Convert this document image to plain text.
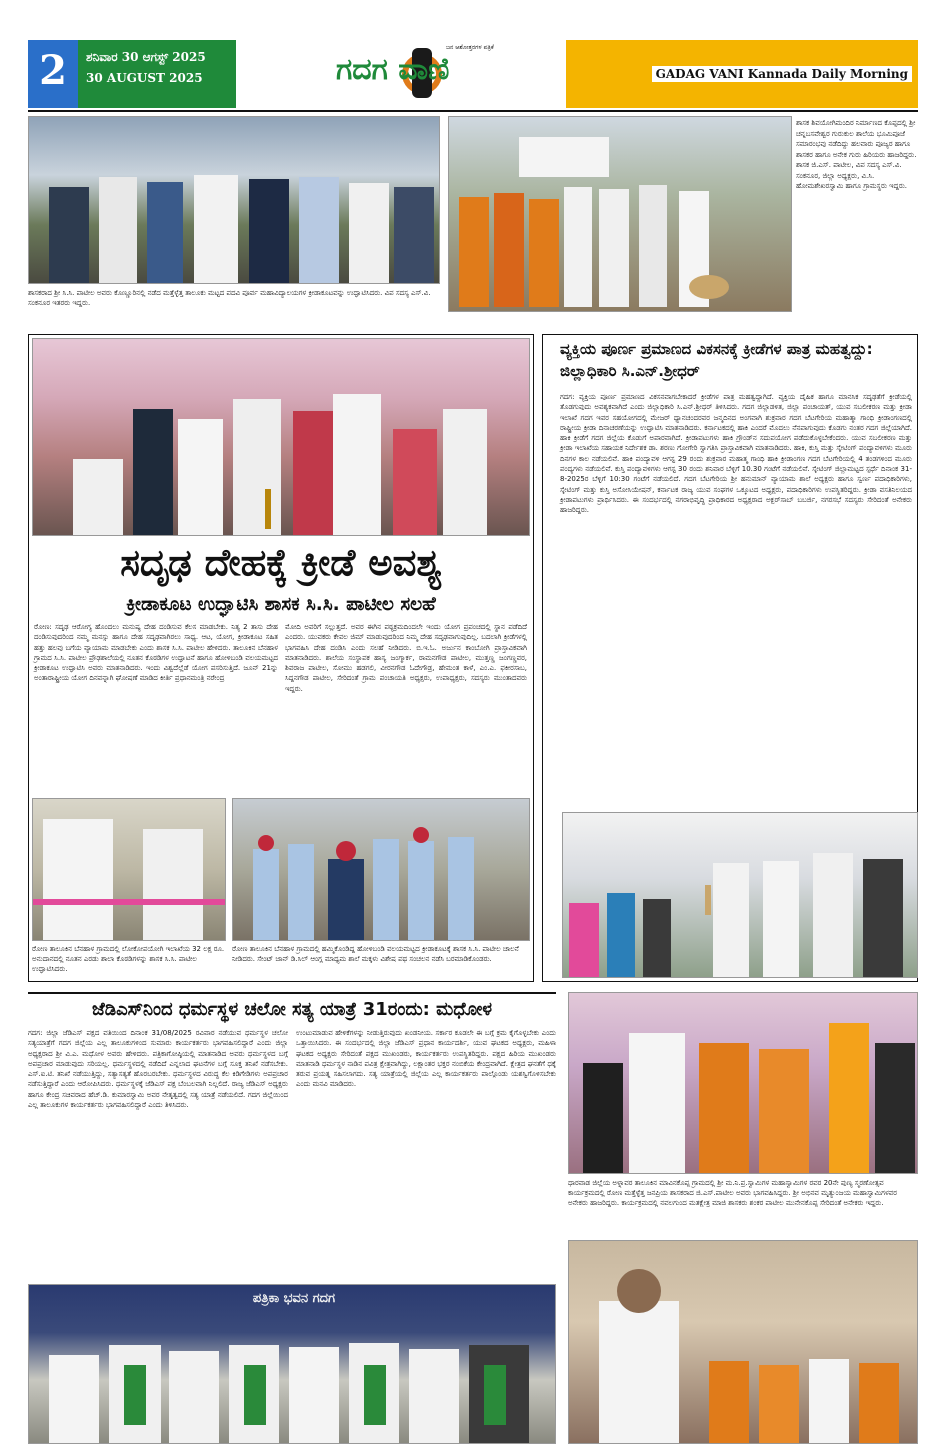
2	ಶನಿವಾರ 30 ಆಗಸ್ಟ್ 2025
30 AUGUST 2025	ಗದಗ ವಾಣಿ
ಜನ ಆಶೋತ್ತರಗಳ ಪತ್ರಿಕೆ
GADAG VANI Kannada Daily Morning
ಶಾಸಕರಾದ ಶ್ರೀ ಸಿ.ಸಿ. ಪಾಟೀಲ ಅವರು ಕೊಣ್ಣೂರಿನಲ್ಲಿ ನಡೆದ ಮತ್ತೆಳ್ಳೆತ್ತ ತಾಲೂಕು ಮಟ್ಟದ ಪದವಿ ಪೂರ್ವ ಮಹಾವಿದ್ಯಾಲಯಗಳ ಕ್ರೀಡಾಕೂಟವನ್ನು ಉದ್ಘಾಟಿಸಿದರು. ವಿಪ ಸದಸ್ಯ ಎಸ್.ವಿ. ಸಂಕನೂರ ಇತರರು ಇದ್ದರು.
ಶಾಸಕ ಶಿವಯೋಗಿಮಂದಿರ ನಿರ್ಮಾಣದ ಕೊಪ್ಪದಲ್ಲಿ ಶ್ರೀ ಚನ್ನಬಸವೇಶ್ವರ ಗುರುಕುಲ ಶಾಲೆಯ ಭೂಮಿಪೂಜೆ ಸಮಾರಂಭವು ನಡೆದಿದ್ದು ಹಲವಾರು ಪೂಜ್ಯರ ಹಾಗೂ ಶಾಸಕರ ಹಾಗೂ ಅನೇಕ ಗುರು ಹಿರಿಯರು ಹಾಜರಿದ್ದರು. ಶಾಸಕ ಜಿ.ಎಸ್. ಪಾಟೀಲ, ವಿಪ ಸದಸ್ಯ ಎಸ್.ವಿ. ಸಂಕನೂರ, ಜಿಲ್ಲಾ ಅಧ್ಯಕ್ಷರು, ವಿ.ಸಿ. ಹೋಮಶೇಖರಸ್ವಾಮಿ ಹಾಗೂ ಗ್ರಾಮಸ್ಥರು ಇದ್ದರು.
ಸದೃಢ ದೇಹಕ್ಕೆ ಕ್ರೀಡೆ ಅವಶ್ಯ
ಕ್ರೀಡಾಕೂಟ ಉದ್ಘಾಟಿಸಿ ಶಾಸಕ ಸಿ.ಸಿ. ಪಾಟೀಲ ಸಲಹೆ
ರೋಣ: ಸದೃಢ ಆರೋಗ್ಯ ಹೊಂದಲು ಮನುಷ್ಯ ದೇಹ ದಂಡಿಸುವ ಕೆಲಸ ಮಾಡಬೇಕು. ನಿತ್ಯ 2 ತಾಸು ದೇಹ ದಂಡಿಸುವುದರಿಂದ ನಮ್ಮ ಮನಸ್ಸು ಹಾಗೂ ದೇಹ ಸದೃಢವಾಗಿರಲು ಸಾಧ್ಯ. ಆಟ, ಯೋಗ, ಕ್ರೀಡಾಕೂಟ ಸಹಿತ ಹತ್ತು ಹಲವು ಬಗೆಯ ವ್ಯಾಯಾಮ ಮಾಡಬೇಕು ಎಂದು ಶಾಸಕ ಸಿ.ಸಿ. ಪಾಟೀಲ ಹೇಳಿದರು. ತಾಲೂಕಿನ ಬೆನಹಾಳ ಗ್ರಾಮದ ಸಿ.ಸಿ. ಪಾಟೀಲ ಪ್ರೌಢಶಾಲೆಯಲ್ಲಿ ನೂತನ ಕೊಠಡಿಗಳ ಉದ್ಘಾಟನೆ ಹಾಗೂ ಹೋಳಿಬಂಡಿ ವಲಯಮಟ್ಟದ ಕ್ರೀಡಾಕೂಟ ಉದ್ಘಾಟಿಸಿ ಅವರು ಮಾತನಾಡಿದರು. ಇಂದು ವಿಶ್ವದೆಲ್ಲೆಡೆ ಯೋಗ ಪಸರಿಸುತ್ತಿದೆ. ಜೂನ್ 21ನ್ನು ಅಂತಾರಾಷ್ಟ್ರೀಯ ಯೋಗ ದಿನವನ್ನಾಗಿ ಘೋಷಣೆ ಮಾಡಿದ ಕೀರ್ತಿ ಪ್ರಧಾನಮಂತ್ರಿ ನರೇಂದ್ರ
ಮೋದಿ ಅವರಿಗೆ ಸಲ್ಲುತ್ತದೆ. ಅವರ ಈಗಿನ ಪಠ್ಯಕ್ರಮದಿಂದಲೇ ಇಂದು ಯೋಗ ಪ್ರಪಂಚದಲ್ಲಿ ಸ್ಥಾನ ಪಡೆದಿದೆ ಎಂದರು. ಯುವಕರು ಕೇವಲ ಜಿಮ್ ಮಾಡುವುದರಿಂದ ನಿಮ್ಮ ದೇಹ ಸದೃಢವಾಗುವುದಿಲ್ಲ. ಬದಲಾಗಿ ಕ್ರೀಡೆಗಳಲ್ಲಿ ಭಾಗವಹಿಸಿ ದೇಹ ದಂಡಿಸಿ ಎಂದು ಸಲಹೆ ನೀಡಿದರು. ಬಿ.ಇ.ಓ. ಅರ್ಜುನ ಕಾಂಬೋಗಿ ಪ್ರಾಸ್ತಾವಿಕವಾಗಿ ಮಾತನಾಡಿದರು. ಶಾಲೆಯ ಸಂಸ್ಥಾಪಕ ಹಾಸ್ಯ ಜಂಗ್ಮಾರ್ಕ, ರಾಮನಗೌಡ ಪಾಟೀಲ, ಮುತ್ತಣ್ಣ ಜಂಗಣ್ಣವರ, ಶಿವರಾಜ ಪಾಟೀಲ, ಸೋಮು ಹಡಗಲಿ, ವೀರನಗೌಡ ಓದೇಗೌಡ್ರ, ಹೇಮಂತ ಕಾಳೆ, ಎಂ.ಎ. ಫಕೀರಸಾಬ, ಸಿದ್ದನಗೌಡ ಪಾಟೀಲ, ಸೇರಿದಂತೆ ಗ್ರಾಮ ಪಂಚಾಯತಿ ಅಧ್ಯಕ್ಷರು, ಉಪಾಧ್ಯಕ್ಷರು, ಸದಸ್ಯರು ಮುಂತಾದವರು ಇದ್ದರು.
ರೋಣ ತಾಲೂಕಿನ ಬೆನಹಾಳ ಗ್ರಾಮದಲ್ಲಿ ಲೋಕೋಪಯೋಗಿ ಇಲಾಖೆಯ 32 ಲಕ್ಷ ರೂ. ಅನುದಾನದಲ್ಲಿ ನೂತನ ಎರಡು ಶಾಲಾ ಕೊಠಡಿಗಳನ್ನು ಶಾಸಕ ಸಿ.ಸಿ. ಪಾಟೀಲ ಉದ್ಘಾಟಿಸಿದರು.
ರೋಣ ತಾಲೂಕಿನ ಬೆನಹಾಳ ಗ್ರಾಮದಲ್ಲಿ ಹಮ್ಮಿಕೊಂಡಿದ್ದ ಹೋಳಿಬಂಡಿ ವಲಯಮಟ್ಟದ ಕ್ರೀಡಾಕೂಟಕ್ಕೆ ಶಾಸಕ ಸಿ.ಸಿ. ಪಾಟೀಲ ಚಾಲನೆ ನೀಡಿದರು. ಸೇಂಟ್ ಜಾನ್ ಡಿ.ಸಿಲ್ ಆಂಗ್ಲ ಮಾಧ್ಯಮ ಶಾಲೆ ಮಕ್ಕಳು ವಿಶೇಷ ಪಥ ಸಂಚಲನ ನಡೆಸಿ ಬರಮಾಡಿಕೊಂಡರು.
ವ್ಯಕ್ತಿಯ ಪೂರ್ಣ ಪ್ರಮಾಣದ ವಿಕಸನಕ್ಕೆ ಕ್ರೀಡೆಗಳ ಪಾತ್ರ ಮಹತ್ವದ್ದು: ಜಿಲ್ಲಾಧಿಕಾರಿ ಸಿ.ಎನ್.ಶ್ರೀಧರ್
ಗದಗ: ವ್ಯಕ್ತಿಯ ಪೂರ್ಣ ಪ್ರಮಾಣದ ವಿಕಸನವಾಗಬೇಕಾದರೆ ಕ್ರೀಡೆಗಳ ಪಾತ್ರ ಮಹತ್ವದ್ದಾಗಿದೆ. ವ್ಯಕ್ತಿಯ ದೈಹಿಕ ಹಾಗೂ ಮಾನಸಿಕ ಸದೃಢತೆಗೆ ಕ್ರೀಡೆಯಲ್ಲಿ ತೊಡಗುವುದು ಅವಶ್ಯಕವಾಗಿದೆ ಎಂದು ಜಿಲ್ಲಾಧಿಕಾರಿ ಸಿ.ಎನ್.ಶ್ರೀಧರ್ ತಿಳಿಸಿದರು. ಗದಗ ಜಿಲ್ಲಾಡಳಿತ, ಜಿಲ್ಲಾ ಪಂಚಾಯತ್, ಯುವ ಸಬಲೀಕರಣ ಮತ್ತು ಕ್ರೀಡಾ ಇಲಾಖೆ ಗದಗ ಇವರ ಸಹಯೋಗದಲ್ಲಿ ಮೇಜರ್ ಧ್ಯಾನಚಂದರವರ ಜನ್ಮದಿನದ ಅಂಗವಾಗಿ ಶುಕ್ರವಾರ ಗದಗ ಬೆಟಗೇರಿಯ ಮಹಾತ್ಮಾ ಗಾಂಧಿ ಕ್ರೀಡಾಂಗಣದಲ್ಲಿ ರಾಷ್ಟ್ರೀಯ ಕ್ರೀಡಾ ದಿನಾಚರಣೆಯನ್ನು ಉದ್ಘಾಟಿಸಿ ಮಾತನಾಡಿದರು. ಕರ್ನಾಟಕದಲ್ಲಿ ಹಾಕಿ ಎಂದರೆ ಮೊದಲು ನೆನಪಾಗುವುದು ಕೊಡಗು ನಂತರ ಗದಗ ಜಿಲ್ಲೆಯಾಗಿದೆ. ಹಾಕಿ ಕ್ರೀಡೆಗೆ ಗದಗ ಜಿಲ್ಲೆಯ ಕೊಡುಗೆ ಅಪಾರವಾಗಿದೆ. ಕ್ರೀಡಾಪಟುಗಳು ಹಾಕಿ ಗ್ರೌಂಡ್‌ನ ಸದುಪಯೋಗ ಪಡೆದುಕೊಳ್ಳಬೇಕೆಂದರು. ಯುವ ಸಬಲೀಕರಣ ಮತ್ತು ಕ್ರೀಡಾ ಇಲಾಖೆಯ ಸಹಾಯಕ ನಿರ್ದೇಶಕ ಡಾ. ಶರಣು ಗೋಗೇರಿ ಸ್ವಾಗತಿಸಿ ಪ್ರಾಸ್ತಾವಿಕವಾಗಿ ಮಾತನಾಡಿದರು. ಹಾಕಿ, ಕುಸ್ತಿ ಮತ್ತು ಸ್ಕೇಟಿಂಗ್ ಪಂದ್ಯಾವಳಿಗಳು ಮೂರು ದಿನಗಳ ಕಾಲ ನಡೆಯಲಿವೆ. ಹಾಕಿ ಪಂದ್ಯಾವಳಿ ಆಗಸ್ಟ 29 ರಂದು ಶುಕ್ರವಾರ ಮಹಾತ್ಮ ಗಾಂಧಿ ಹಾಕಿ ಕ್ರೀಡಾಂಗಣ ಗದಗ ಬೆಟಗೇರಿಯಲ್ಲಿ 4 ತಂಡಗಳಿಂದ ಮೂರು ಪಂದ್ಯಗಳು ನಡೆಯಲಿವೆ. ಕುಸ್ತಿ ಪಂದ್ಯಾವಳಿಗಳು ಆಗಸ್ಟ 30 ರಂದು ಶನಿವಾರ ಬೆಳ್ಳಿಗೆ 10.30 ಗಂಟೆಗೆ ನಡೆಯಲಿವೆ. ಸ್ಕೇಟಿಂಗ್ ಜಿಲ್ಲಾಮಟ್ಟದ ಸ್ಪರ್ಧೆ ದಿನಾಂಕ 31-8-2025ರ ಬೆಳ್ಳಿಗೆ 10:30 ಗಂಟೆಗೆ ನಡೆಯಲಿದೆ. ಗದಗ ಬೆಟಗೇರಿಯ ಶ್ರೀ ಹನುಮಾನ್ ವ್ಯಾಯಾಮ ಶಾಲೆ ಅಧ್ಯಕ್ಷರು ಹಾಗೂ ಸ್ವರ್ಣ ಪದಾಧಿಕಾರಿಗಳು, ಸ್ಕೇಟಿಂಗ್ ಮತ್ತು ಕುಸ್ತಿ ಅಸೋಸಿಯೇಷನ್, ಕರ್ನಾಟಕ ರಾಜ್ಯ ಯುವ ಸಂಘಗಳ ಒಕ್ಕೂಟದ ಅಧ್ಯಕ್ಷರು, ಪದಾಧಿಕಾರಿಗಳು ಉಪಸ್ಥಿತರಿದ್ದರು. ಕ್ರೀಡಾ ವಸತಿನಿಲಯದ ಕ್ರೀಡಾಪಟುಗಳು ಪ್ರಾರ್ಥಿಸಿದರು. ಈ ಸಂದರ್ಭದಲ್ಲಿ ನಗರಾಭಿವೃದ್ಧಿ ಪ್ರಾಧಿಕಾರದ ಅಧ್ಯಕ್ಷರಾದ ಅಕ್ಬರ್‌ಸಾಬ್ ಬಬರ್ಜಿ, ನಗರಸಭೆ ಸದಸ್ಯರು ಸೇರಿದಂತೆ ಅನೇಕರು ಹಾಜರಿದ್ದರು.
ಜೆಡಿಎಸ್‌ನಿಂದ ಧರ್ಮಸ್ಥಳ ಚಲೋ ಸತ್ಯ ಯಾತ್ರೆ 31ರಂದು: ಮಧೋಳ
ಗದಗ: ಜಿಲ್ಲಾ ಜೆಡಿಎಸ್ ಪಕ್ಷದ ವತಿಯಿಂದ ದಿನಾಂಕ 31/08/2025 ರವಿವಾರ ನಡೆಯುವ ಧರ್ಮಸ್ಥಳ ಚಲೋ ಸತ್ಯಯಾತ್ರೆಗೆ ಗದಗ ಜಿಲ್ಲೆಯ ಎಲ್ಲ ತಾಲೂಕುಗಳಿಂದ ಸುಮಾರು ಕಾರ್ಯಕರ್ತರು ಭಾಗವಹಿಸಲಿದ್ದಾರೆ ಎಂದು ಜಿಲ್ಲಾ ಅಧ್ಯಕ್ಷರಾದ ಶ್ರೀ ವಿ.ಎ. ಮಧೋಳ ಅವರು ಹೇಳಿದರು. ಪತ್ರಿಕಾಗೋಷ್ಠಿಯಲ್ಲಿ ಮಾತನಾಡಿದ ಅವರು ಧರ್ಮಸ್ಥಳದ ಬಗ್ಗೆ ಅಪಪ್ರಚಾರ ಮಾಡುವುದು ಸರಿಯಲ್ಲ. ಧರ್ಮಸ್ಥಳದಲ್ಲಿ ನಡೆದಿದೆ ಎನ್ನಲಾದ ಘಟನೆಗಳ ಬಗ್ಗೆ ಸೂಕ್ತ ತನಿಖೆ ನಡೆಸಬೇಕು. ಎಸ್.ಐ.ಟಿ. ತನಿಖೆ ನಡೆಯುತ್ತಿದ್ದು, ಸತ್ಯಾಸತ್ಯತೆ ಹೊರಬರಬೇಕು. ಧರ್ಮಸ್ಥಳದ ವಿರುದ್ಧ ಕೆಲ ಕಿಡಿಗೇಡಿಗಳು ಅಪಪ್ರಚಾರ ನಡೆಸುತ್ತಿದ್ದಾರೆ ಎಂದು ಆರೋಪಿಸಿದರು. ಧರ್ಮಸ್ಥಳಕ್ಕೆ ಜೆಡಿಎಸ್ ಪಕ್ಷ ಬೆಂಬಲವಾಗಿ ನಿಲ್ಲಲಿದೆ. ರಾಜ್ಯ ಜೆಡಿಎಸ್ ಅಧ್ಯಕ್ಷರು ಹಾಗೂ ಕೇಂದ್ರ ಸಚಿವರಾದ ಹೆಚ್.ಡಿ. ಕುಮಾರಸ್ವಾಮಿ ಅವರ ನೇತೃತ್ವದಲ್ಲಿ ಸತ್ಯ ಯಾತ್ರೆ ನಡೆಯಲಿದೆ. ಗದಗ ಜಿಲ್ಲೆಯಿಂದ ಎಲ್ಲ ತಾಲೂಕುಗಳ ಕಾರ್ಯಕರ್ತರು ಭಾಗವಹಿಸಲಿದ್ದಾರೆ ಎಂದು ತಿಳಿಸಿದರು.
ಉಂಟುಮಾಡುವ ಹೇಳಿಕೆಗಳನ್ನು ನೀಡುತ್ತಿರುವುದು ಖಂಡನೀಯ. ಸರ್ಕಾರ ಕೂಡಲೇ ಈ ಬಗ್ಗೆ ಕ್ರಮ ಕೈಗೊಳ್ಳಬೇಕು ಎಂದು ಒತ್ತಾಯಿಸಿದರು. ಈ ಸಂದರ್ಭದಲ್ಲಿ ಜಿಲ್ಲಾ ಜೆಡಿಎಸ್ ಪ್ರಧಾನ ಕಾರ್ಯದರ್ಶಿ, ಯುವ ಘಟಕದ ಅಧ್ಯಕ್ಷರು, ಮಹಿಳಾ ಘಟಕದ ಅಧ್ಯಕ್ಷರು ಸೇರಿದಂತೆ ಪಕ್ಷದ ಮುಖಂಡರು, ಕಾರ್ಯಕರ್ತರು ಉಪಸ್ಥಿತರಿದ್ದರು. ಪಕ್ಷದ ಹಿರಿಯ ಮುಖಂಡರು ಮಾತನಾಡಿ ಧರ್ಮಸ್ಥಳ ನಾಡಿನ ಪವಿತ್ರ ಕ್ಷೇತ್ರವಾಗಿದ್ದು, ಲಕ್ಷಾಂತರ ಭಕ್ತರ ನಂಬಿಕೆಯ ಕೇಂದ್ರವಾಗಿದೆ. ಕ್ಷೇತ್ರದ ಘನತೆಗೆ ಧಕ್ಕೆ ತರುವ ಪ್ರಯತ್ನ ಸಹಿಸಲಾಗದು. ಸತ್ಯ ಯಾತ್ರೆಯಲ್ಲಿ ಜಿಲ್ಲೆಯ ಎಲ್ಲ ಕಾರ್ಯಕರ್ತರು ಪಾಲ್ಗೊಂಡು ಯಶಸ್ವಿಗೊಳಿಸಬೇಕು ಎಂದು ಮನವಿ ಮಾಡಿದರು.
ಪತ್ರಿಕಾ ಭವನ ಗದಗ
ಧಾರವಾಡ ಜಿಲ್ಲೆಯ ಅಳ್ನಾವರ ತಾಲೂಕಿನ ಮಾವಿನಕೊಪ್ಪ ಗ್ರಾಮದಲ್ಲಿ ಶ್ರೀ ಮ.ನಿ.ಪ್ರ.ಸ್ವಾಮಿಗಳ ಮಹಾಸ್ವಾಮಿಗಳ ರವರ 20ನೇ ಪುಣ್ಯ ಸ್ಮರಣೋತ್ಸವ ಕಾರ್ಯಕ್ರಮದಲ್ಲಿ ರೋಣ ಮತ್ತೆಳ್ಳೆತ್ತ ಜನಪ್ರಿಯ ಶಾಸಕರಾದ ಜಿ.ಎಸ್.ಪಾಟೀಲ ಅವರು ಭಾಗವಹಿಸಿದ್ದರು. ಶ್ರೀ ಅಭಿನವ ಮೃತ್ಯುಂಜಯ ಮಹಾಸ್ವಾಮಿಗಳವರ ಅನೇಕರು ಹಾಜರಿದ್ದರು. ಕಾರ್ಯಕ್ರಮದಲ್ಲಿ ನವಲಗುಂದ ಮತಕ್ಷೇತ್ರ ಮಾಜಿ ಶಾಸಕರು ಶಂಕರ ಪಾಟೀಲ ಮುನೇನಕೊಪ್ಪ ಸೇರಿದಂತೆ ಅನೇಕರು ಇದ್ದರು.
